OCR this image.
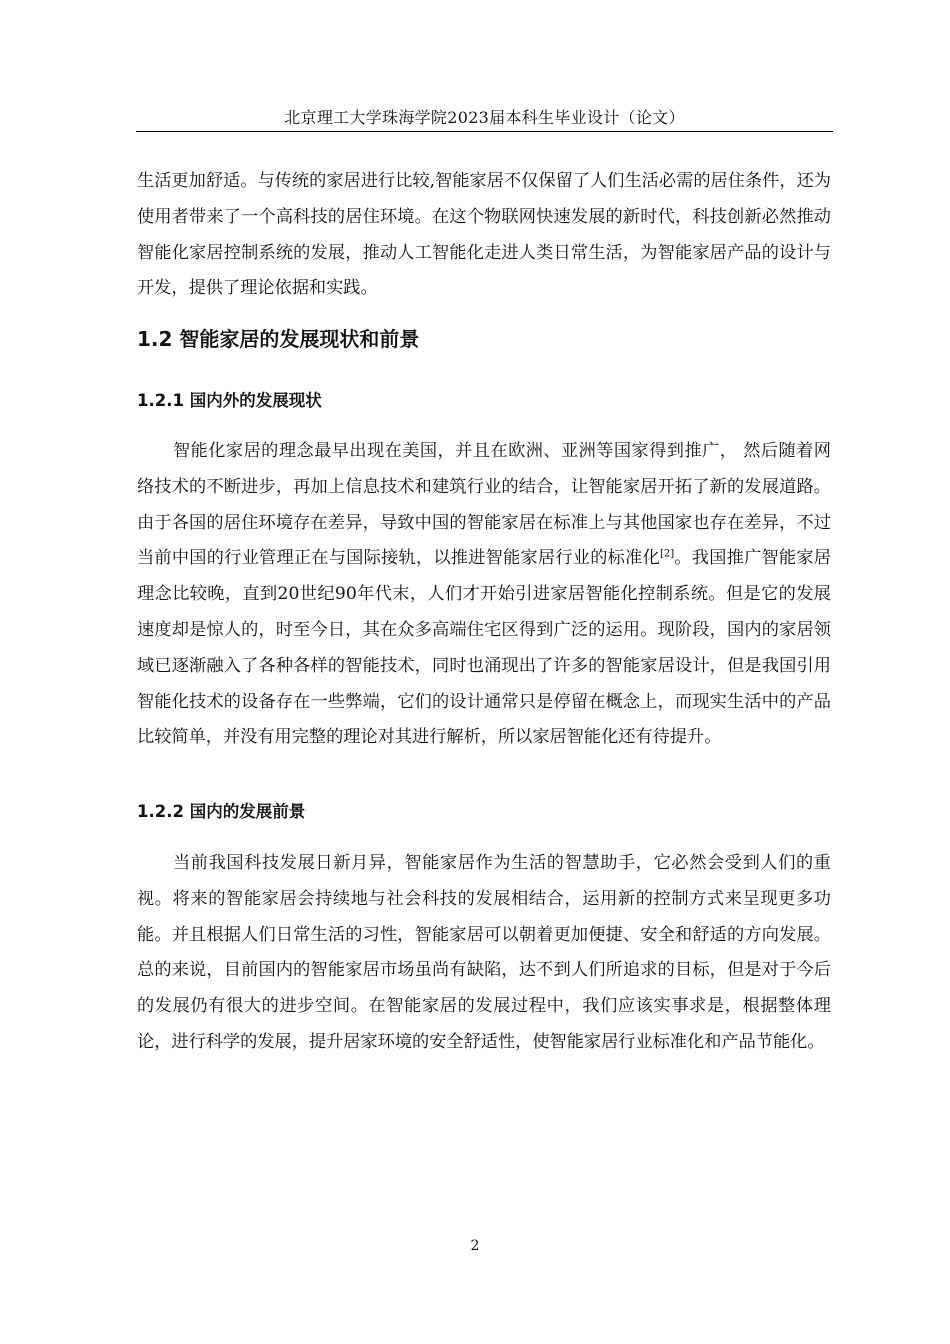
北京理工大学珠海学院2023届本科生毕业设计（论文）

生活更加舒适。与传统的家居进行比较,智能家居不仅保留了人们生活必需的居住条件，还为使用者带来了一个高科技的居住环境。在这个物联网快速发展的新时代，科技创新必然推动智能化家居控制系统的发展，推动人工智能化走进人类日常生活，为智能家居产品的设计与开发，提供了理论依据和实践。

1.2 智能家居的发展现状和前景
1.2.1 国内外的发展现状

智能化家居的理念最早出现在美国，并且在欧洲、亚洲等国家得到推广， 然后随着网络技术的不断进步，再加上信息技术和建筑行业的结合，让智能家居开拓了新的发展道路。由于各国的居住环境存在差异，导致中国的智能家居在标准上与其他国家也存在差异，不过当前中国的行业管理正在与国际接轨，以推进智能家居行业的标准化[2]。我国推广智能家居理念比较晚，直到20世纪90年代末，人们才开始引进家居智能化控制系统。但是它的发展速度却是惊人的，时至今日，其在众多高端住宅区得到广泛的运用。现阶段，国内的家居领域已逐渐融入了各种各样的智能技术，同时也涌现出了许多的智能家居设计，但是我国引用智能化技术的设备存在一些弊端，它们的设计通常只是停留在概念上，而现实生活中的产品比较简单，并没有用完整的理论对其进行解析，所以家居智能化还有待提升。

1.2.2 国内的发展前景

当前我国科技发展日新月异，智能家居作为生活的智慧助手，它必然会受到人们的重视。将来的智能家居会持续地与社会科技的发展相结合，运用新的控制方式来呈现更多功能。并且根据人们日常生活的习性，智能家居可以朝着更加便捷、安全和舒适的方向发展。总的来说，目前国内的智能家居市场虽尚有缺陷，达不到人们所追求的目标，但是对于今后的发展仍有很大的进步空间。在智能家居的发展过程中，我们应该实事求是，根据整体理论，进行科学的发展，提升居家环境的安全舒适性，使智能家居行业标准化和产品节能化。

2
